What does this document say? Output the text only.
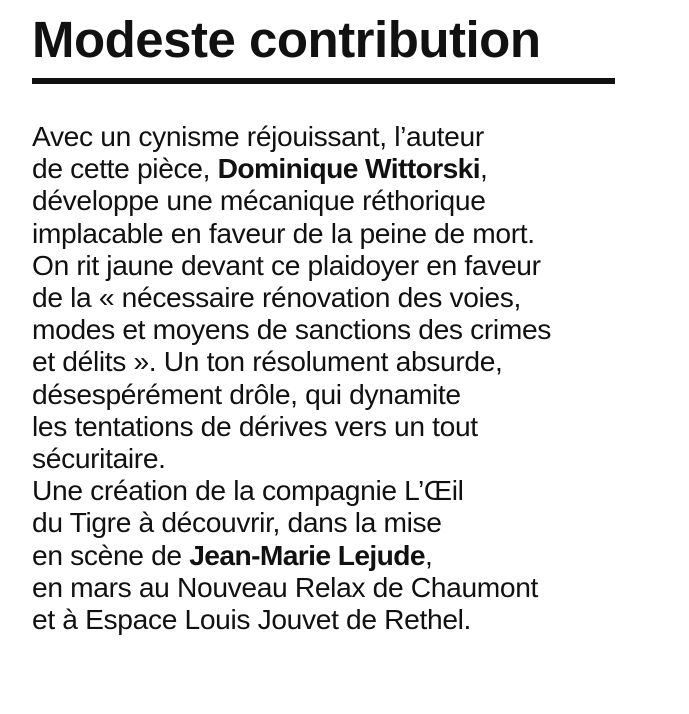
Modeste contribution
Avec un cynisme réjouissant, l’auteur
de cette pièce, Dominique Wittorski,
développe une mécanique réthorique
implacable en faveur de la peine de mort.
On rit jaune devant ce plaidoyer en faveur
de la « nécessaire rénovation des voies,
modes et moyens de sanctions des crimes
et délits ». Un ton résolument absurde,
désespérément drôle, qui dynamite
les tentations de dérives vers un tout
sécuritaire.
Une création de la compagnie L’Œil
du Tigre à découvrir, dans la mise
en scène de Jean-Marie Lejude,
en mars au Nouveau Relax de Chaumont
et à Espace Louis Jouvet de Rethel.
